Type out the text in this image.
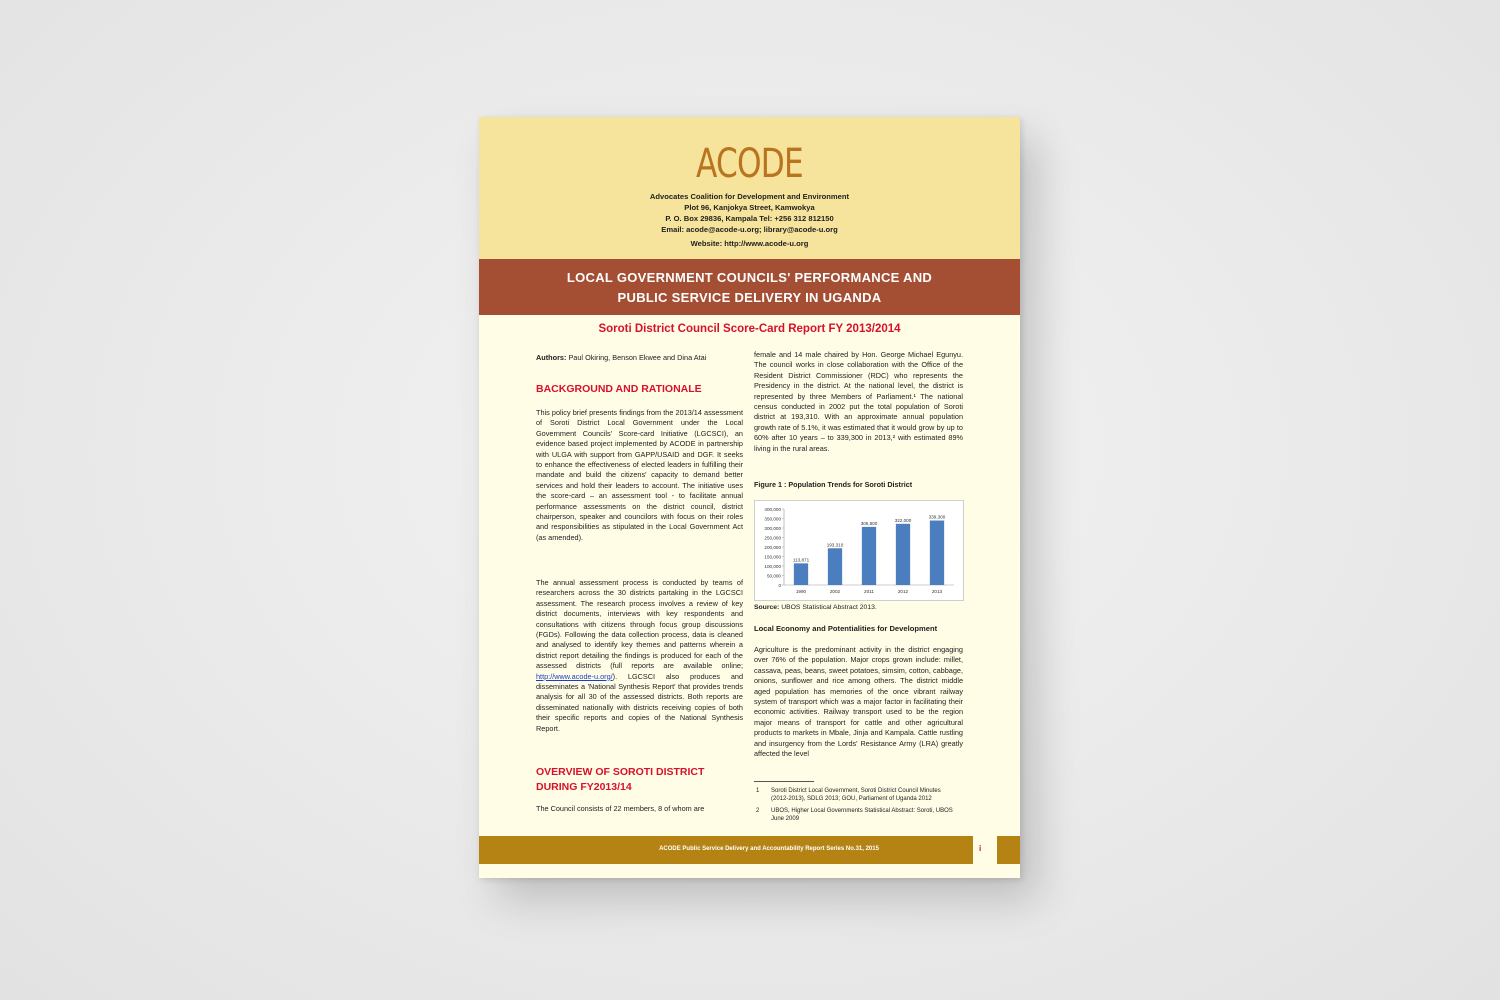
ACODE
Advocates Coalition for Development and Environment
Plot 96, Kanjokya Street, Kamwokya
P. O. Box 29836, Kampala Tel: +256 312 812150
Email: acode@acode-u.org; library@acode-u.org
Website: http://www.acode-u.org
LOCAL GOVERNMENT COUNCILS' PERFORMANCE AND
PUBLIC SERVICE DELIVERY IN UGANDA
Soroti District Council Score-Card Report FY 2013/2014
Authors: Paul Okiring, Benson Ekwee and Dina Atai
BACKGROUND AND RATIONALE
This policy brief presents findings from the 2013/14 assessment of Soroti District Local Government under the Local Government Councils' Score-card Initiative (LGCSCI), an evidence based project implemented by ACODE in partnership with ULGA with support from GAPP/USAID and DGF. It seeks to enhance the effectiveness of elected leaders in fulfilling their mandate and build the citizens' capacity to demand better services and hold their leaders to account. The initiative uses the score-card – an assessment tool - to facilitate annual performance assessments on the district council, district chairperson, speaker and councilors with focus on their roles and responsibilities as stipulated in the Local Government Act (as amended).
The annual assessment process is conducted by teams of researchers across the 30 districts partaking in the LGCSCI assessment. The research process involves a review of key district documents, interviews with key respondents and consultations with citizens through focus group discussions (FGDs). Following the data collection process, data is cleaned and analysed to identify key themes and patterns wherein a district report detailing the findings is produced for each of the assessed districts (full reports are available online; http://www.acode-u.org/). LGCSCI also produces and disseminates a 'National Synthesis Report' that provides trends analysis for all 30 of the assessed districts. Both reports are disseminated nationally with districts receiving copies of both their specific reports and copies of the National Synthesis Report.
OVERVIEW OF SOROTI DISTRICT
DURING FY2013/14
The Council consists of 22 members, 8 of whom are
female and 14 male chaired by Hon. George Michael Egunyu. The council works in close collaboration with the Office of the Resident District Commissioner (RDC) who represents the Presidency in the district. At the national level, the district is represented by three Members of Parliament.¹ The national census conducted in 2002 put the total population of Soroti district at 193,310. With an approximate annual population growth rate of 5.1%, it was estimated that it would grow by up to 60% after 10 years – to 339,300 in 2013,² with estimated 89% living in the rural areas.
Figure 1 : Population Trends for Soroti District
Source: UBOS Statistical Abstract 2013.
Local Economy and Potentialities for Development
Agriculture is the predominant activity in the district engaging over 76% of the population. Major crops grown include: millet, cassava, peas, beans, sweet potatoes, simsim, cotton, cabbage, onions, sunflower and rice among others. The district middle aged population has memories of the once vibrant railway system of transport which was a major factor in facilitating their economic activities. Railway transport used to be the region major means of transport for cattle and other agricultural products to markets in Mbale, Jinja and Kampala. Cattle rustling and insurgency from the Lords' Resistance Army (LRA) greatly affected the level
1 Soroti District Local Government, Soroti District Council Minutes (2012-2013), SDLG 2013; GOU, Parliament of Uganda 2012
2 UBOS, Higher Local Governments Statistical Abstract: Soroti, UBOS June 2009
ACODE Public Service Delivery and Accountability Report Series No.31, 2015	i
0
50,000
100,000
150,000
200,000
250,000
300,000
350,000
400,000
113,871
1990
193,310
2002
305,800
2011
322,000
2012
339,300
2013
